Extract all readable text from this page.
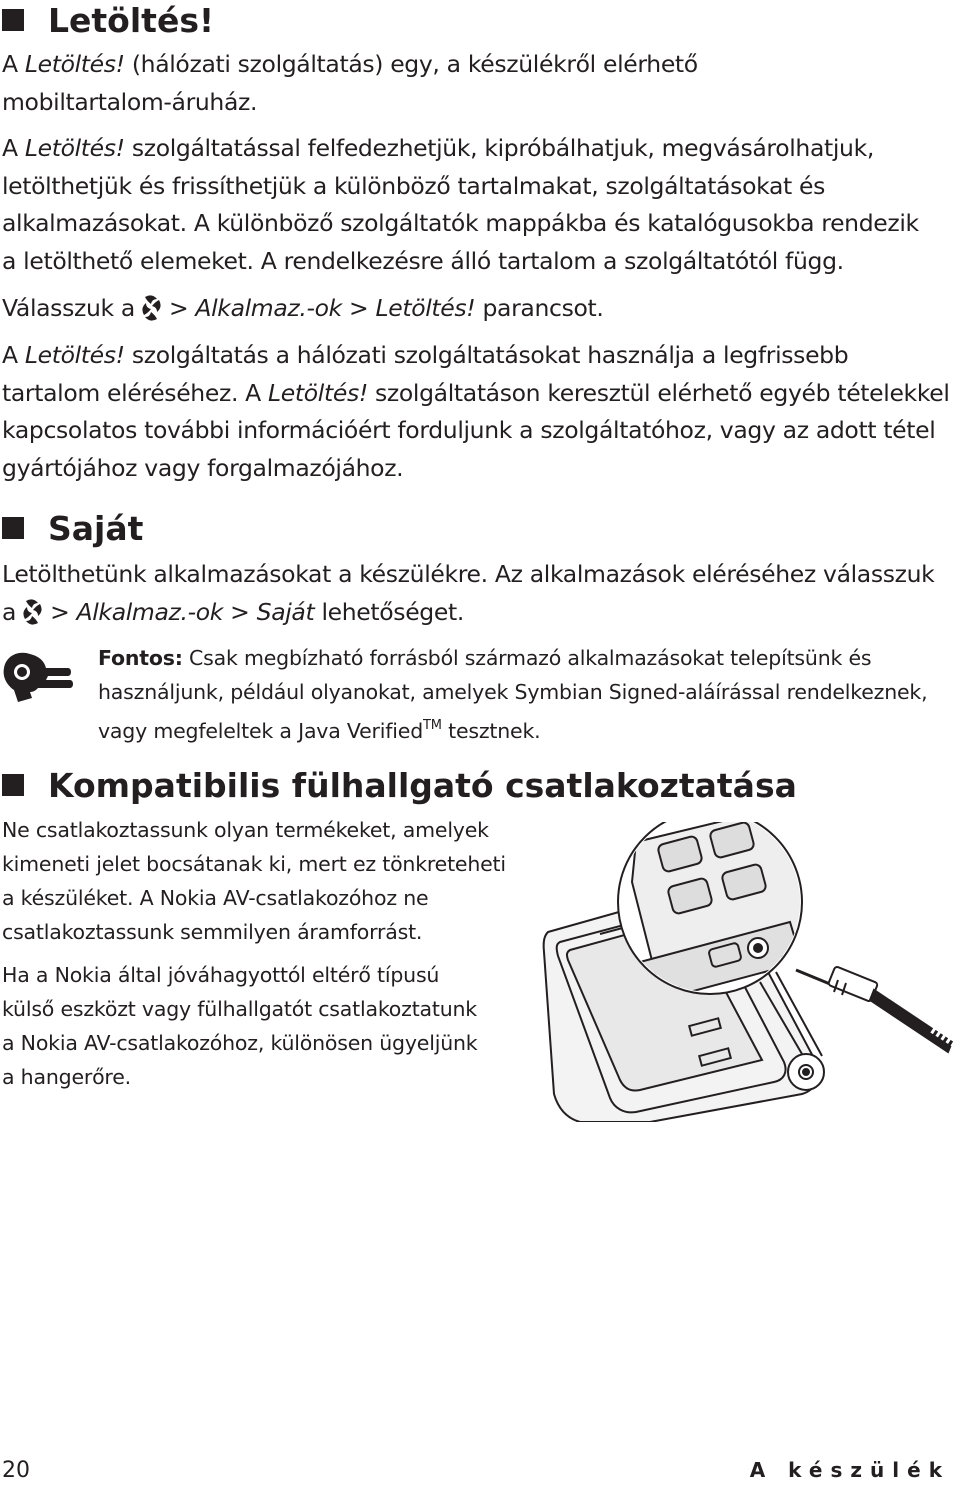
Letöltés!

A Letöltés! (hálózati szolgáltatás) egy, a készülékről elérhető
mobiltartalom-áruház.

A Letöltés! szolgáltatással felfedezhetjük, kipróbálhatjuk, megvásárolhatjuk,
letölthetjük és frissíthetjük a különböző tartalmakat, szolgáltatásokat és
alkalmazásokat. A különböző szolgáltatók mappákba és katalógusokba rendezik
a letölthető elemeket. A rendelkezésre álló tartalom a szolgáltatótól függ.

Válasszuk a > Alkalmaz.-ok > Letöltés! parancsot.

A Letöltés! szolgáltatás a hálózati szolgáltatásokat használja a legfrissebb
tartalom eléréséhez. A Letöltés! szolgáltatáson keresztül elérhető egyéb tételekkel
kapcsolatos további információért forduljunk a szolgáltatóhoz, vagy az adott tétel
gyártójához vagy forgalmazójához.

Saját

Letölthetünk alkalmazásokat a készülékre. Az alkalmazások eléréséhez válasszuk
a > Alkalmaz.-ok > Saját lehetőséget.

Fontos: Csak megbízható forrásból származó alkalmazásokat telepítsünk és
használjunk, például olyanokat, amelyek Symbian Signed-aláírással rendelkeznek,
vagy megfeleltek a Java Verified™ tesztnek.

Kompatibilis fülhallgató csatlakoztatása

Ne csatlakoztassunk olyan termékeket, amelyek
kimeneti jelet bocsátanak ki, mert ez tönkreteheti
a készüléket. A Nokia AV-csatlakozóhoz ne
csatlakoztassunk semmilyen áramforrást.

Ha a Nokia által jóváhagyottól eltérő típusú
külső eszközt vagy fülhallgatót csatlakoztatunk
a Nokia AV-csatlakozóhoz, különösen ügyeljünk
a hangerőre.

20	A készülék
